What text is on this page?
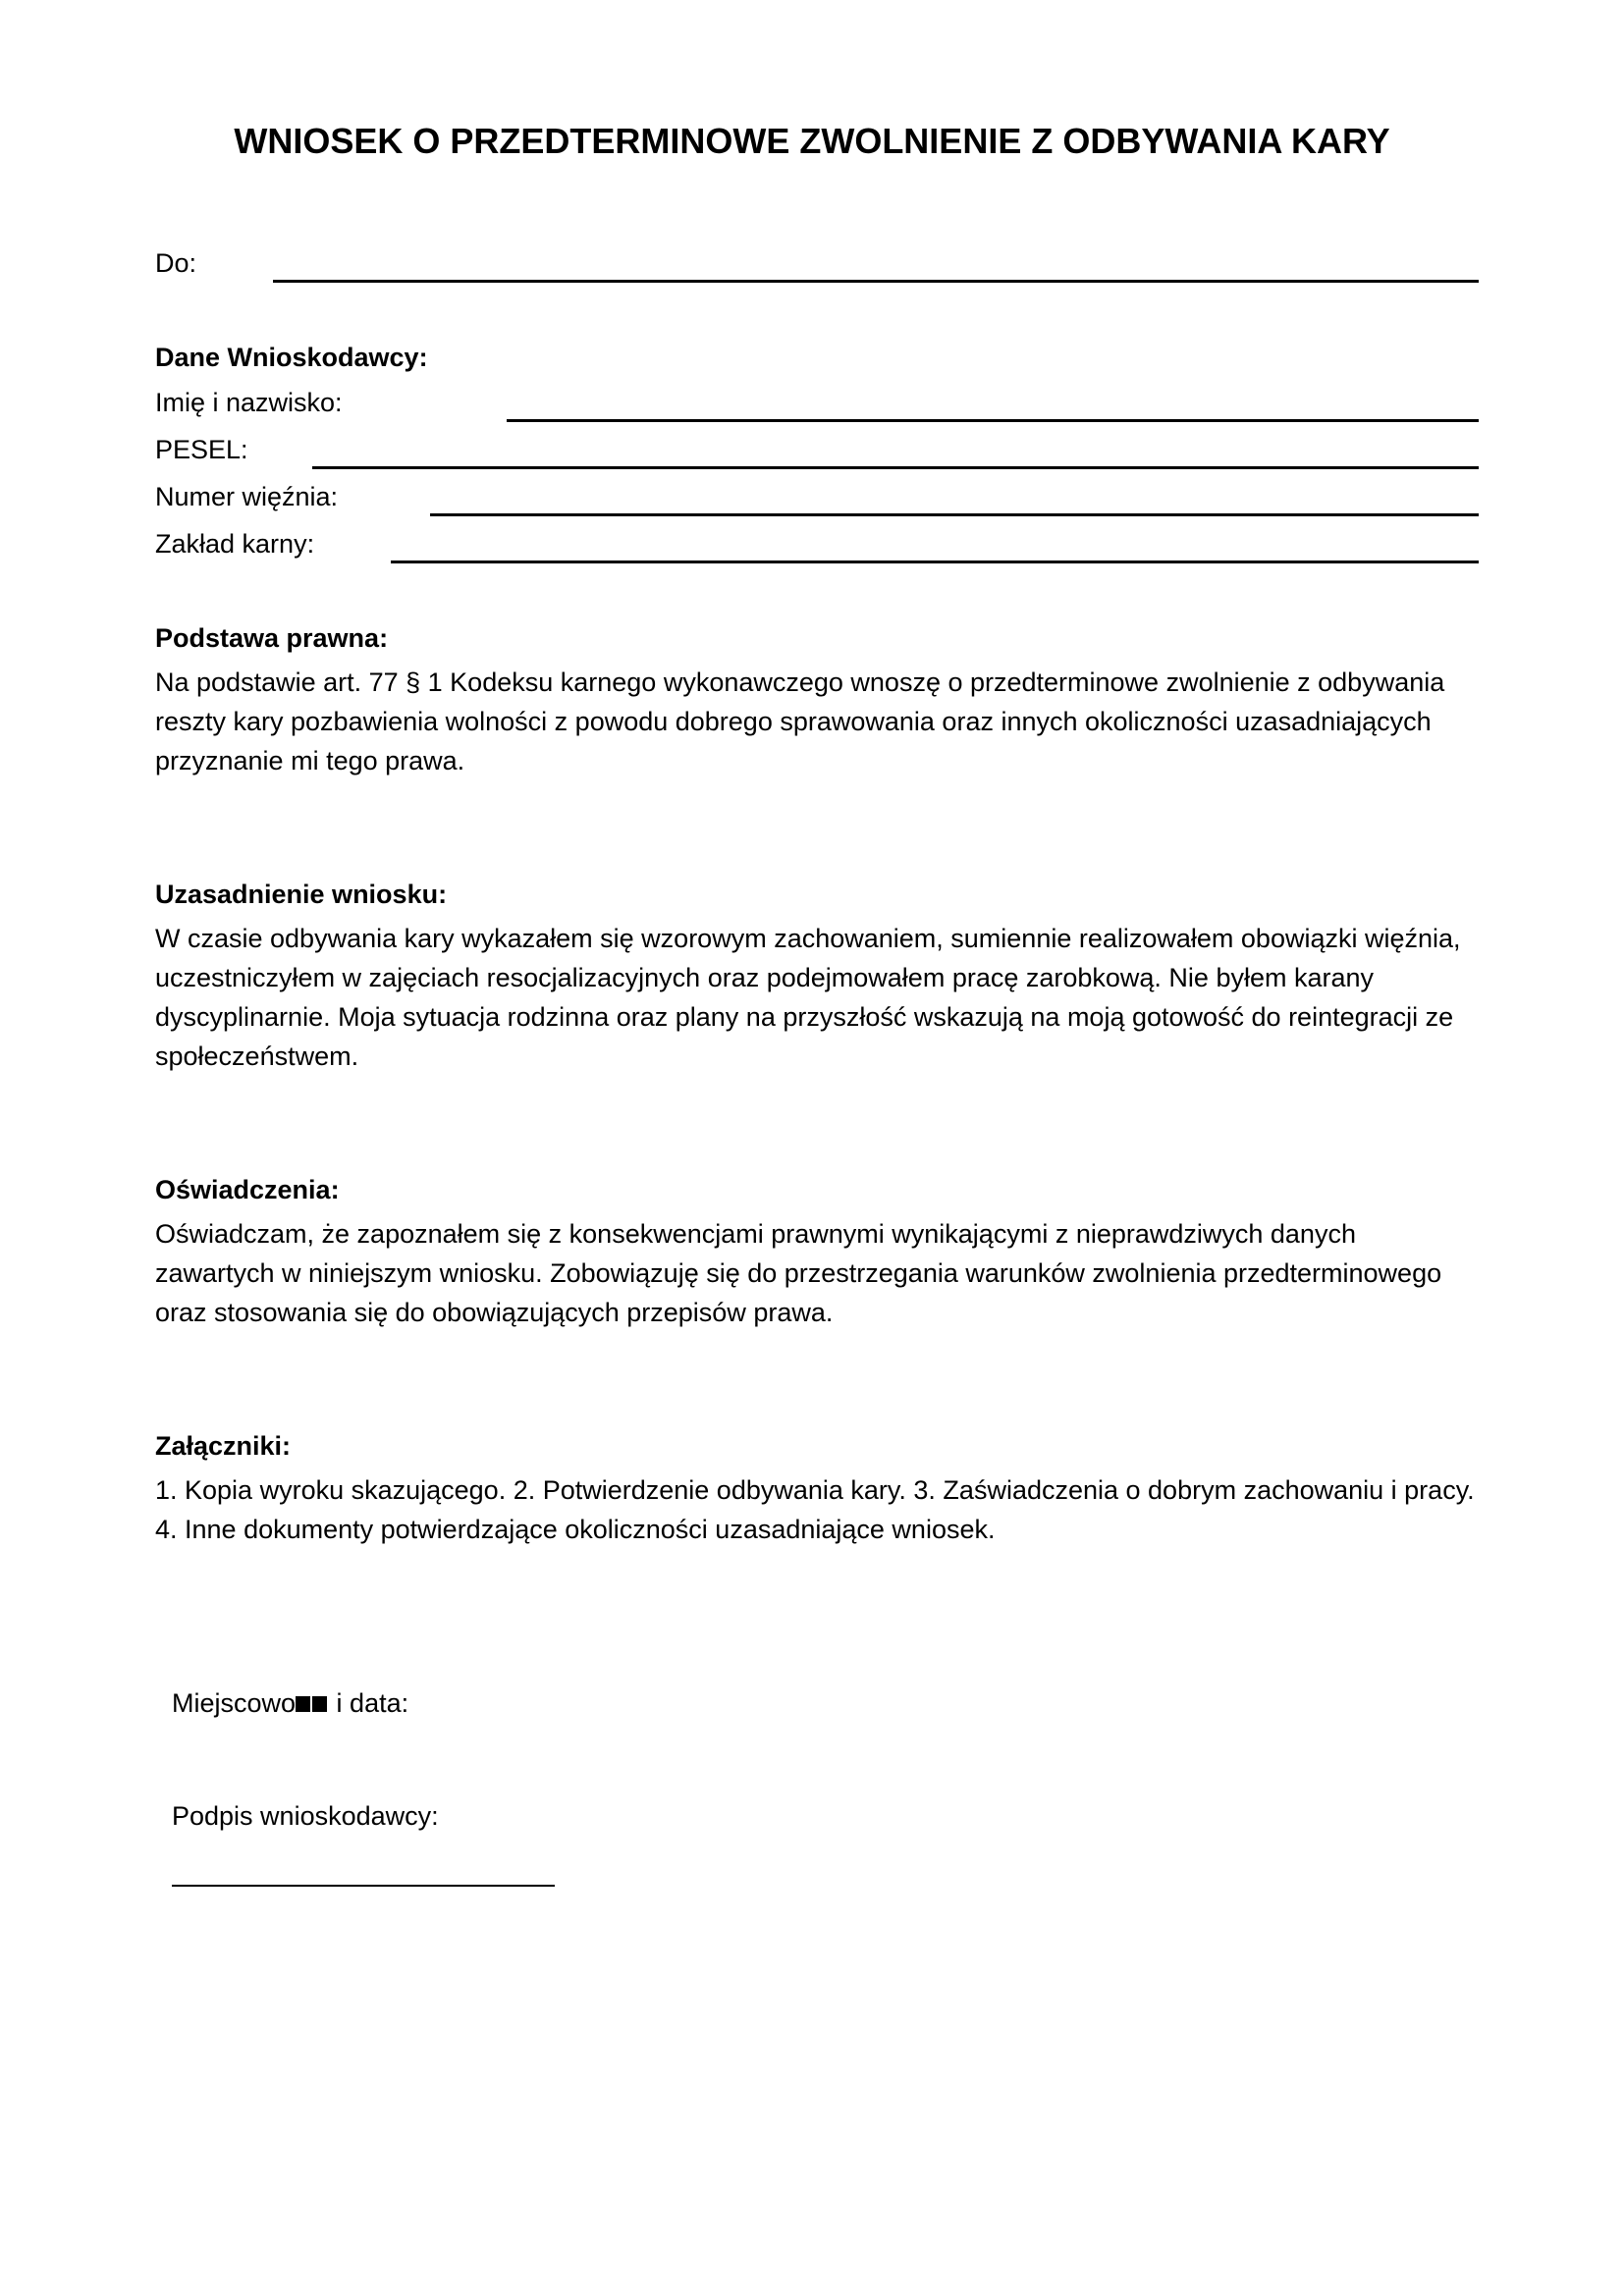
WNIOSEK O PRZEDTERMINOWE ZWOLNIENIE Z ODBYWANIA KARY
Do:
Dane Wnioskodawcy:
Imię i nazwisko:
PESEL:
Numer więźnia:
Zakład karny:
Podstawa prawna:

Na podstawie art. 77 § 1 Kodeksu karnego wykonawczego wnoszę o przedterminowe zwolnienie z odbywania reszty kary pozbawienia wolności z powodu dobrego sprawowania oraz innych okoliczności uzasadniających przyznanie mi tego prawa.

Uzasadnienie wniosku:

W czasie odbywania kary wykazałem się wzorowym zachowaniem, sumiennie realizowałem obowiązki więźnia, uczestniczyłem w zajęciach resocjalizacyjnych oraz podejmowałem pracę zarobkową. Nie byłem karany dyscyplinarnie. Moja sytuacja rodzinna oraz plany na przyszłość wskazują na moją gotowość do reintegracji ze społeczeństwem.

Oświadczenia:

Oświadczam, że zapoznałem się z konsekwencjami prawnymi wynikającymi z nieprawdziwych danych zawartych w niniejszym wniosku. Zobowiązuję się do przestrzegania warunków zwolnienia przedterminowego oraz stosowania się do obowiązujących przepisów prawa.

Załączniki:

1. Kopia wyroku skazującego. 2. Potwierdzenie odbywania kary. 3. Zaświadczenia o dobrym zachowaniu i pracy. 4. Inne dokumenty potwierdzające okoliczności uzasadniające wniosek.

Miejscowo i data:
Podpis wnioskodawcy:
